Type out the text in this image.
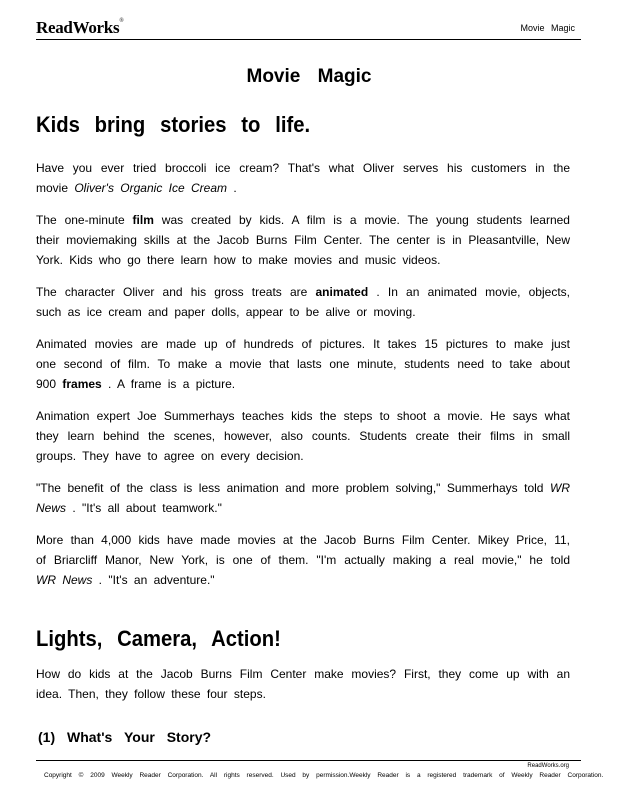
ReadWorks®
Movie Magic
Movie Magic
Kids bring stories to life.

Have you ever tried broccoli ice cream? That's what Oliver serves his customers in the movie Oliver's Organic Ice Cream .

The one-minute film was created by kids. A film is a movie. The young students learned their moviemaking skills at the Jacob Burns Film Center. The center is in Pleasantville, New York. Kids who go there learn how to make movies and music videos.

The character Oliver and his gross treats are animated . In an animated movie, objects, such as ice cream and paper dolls, appear to be alive or moving.

Animated movies are made up of hundreds of pictures. It takes 15 pictures to make just one second of film. To make a movie that lasts one minute, students need to take about 900 frames . A frame is a picture.

Animation expert Joe Summerhays teaches kids the steps to shoot a movie. He says what they learn behind the scenes, however, also counts. Students create their films in small groups. They have to agree on every decision.

"The benefit of the class is less animation and more problem solving," Summerhays told WR News . "It's all about teamwork."

More than 4,000 kids have made movies at the Jacob Burns Film Center. Mikey Price, 11, of Briarcliff Manor, New York, is one of them. "I'm actually making a real movie," he told WR News . "It's an adventure."

Lights, Camera, Action!

How do kids at the Jacob Burns Film Center make movies? First, they come up with an idea. Then, they follow these four steps.

(1) What's Your Story?
ReadWorks.org
Copyright © 2009 Weekly Reader Corporation. All rights reserved. Used by permission.Weekly Reader is a registered trademark of Weekly Reader Corporation.
